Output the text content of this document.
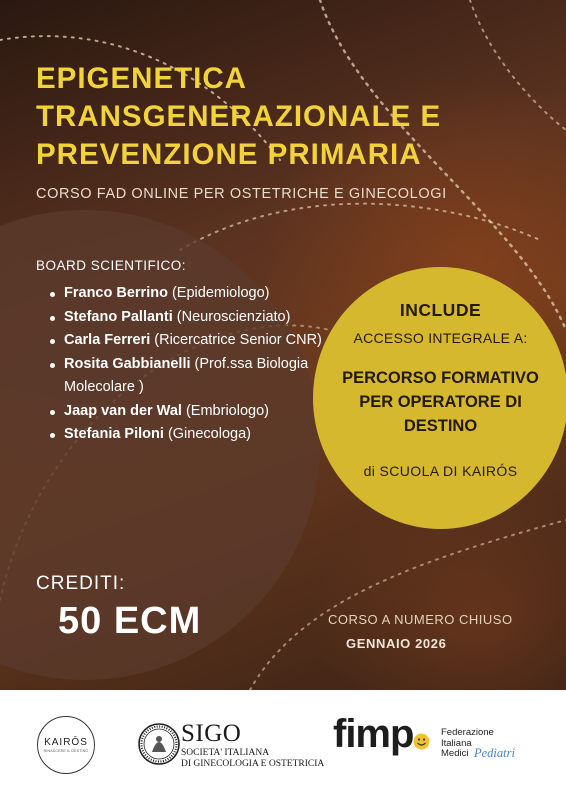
EPIGENETICA
TRANSGENERAZIONALE E
PREVENZIONE PRIMARIA
CORSO FAD ONLINE PER OSTETRICHE E GINECOLOGI
BOARD SCIENTIFICO:
Franco Berrino (Epidemiologo)
Stefano Pallanti (Neuroscienziato)
Carla Ferreri (Ricercatrice Senior CNR)
Rosita Gabbianelli (Prof.ssa Biologia Molecolare )
Jaap van der Wal (Embriologo)
Stefania Piloni (Ginecologa)
INCLUDE
ACCESSO INTEGRALE A:
PERCORSO FORMATIVO PER OPERATORE DI DESTINO
di SCUOLA DI KAIRÓS
CREDITI:
50 ECM	CORSO A NUMERO CHIUSO
GENNAIO 2026
KAIRŌS
RINASCERE IL DESTINO
SIGO
SOCIETA' ITALIANA
DI GINECOLOGIA E OSTETRICIA
fimp	Federazione
Italiana
Medici Pediatri
